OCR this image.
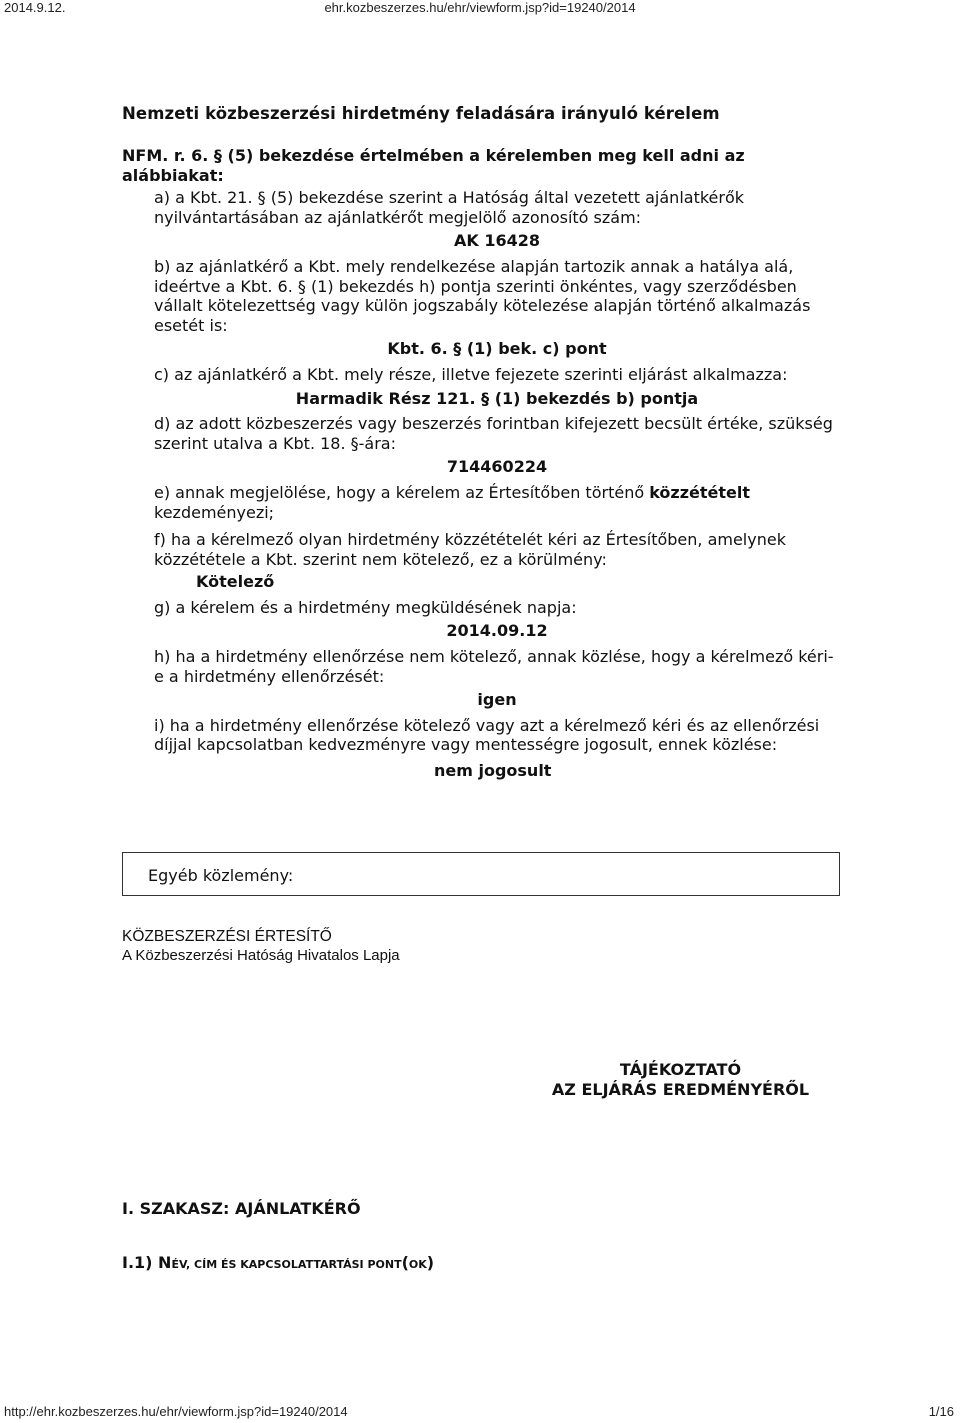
2014.9.12.	ehr.kozbeszerzes.hu/ehr/viewform.jsp?id=19240/2014
Nemzeti közbeszerzési hirdetmény feladására irányuló kérelem
NFM. r. 6. § (5) bekezdése értelmében a kérelemben meg kell adni az alábbiakat:
a) a Kbt. 21. § (5) bekezdése szerint a Hatóság által vezetett ajánlatkérők nyilvántartásában az ajánlatkérőt megjelölő azonosító szám:
AK 16428
b) az ajánlatkérő a Kbt. mely rendelkezése alapján tartozik annak a hatálya alá, ideértve a Kbt. 6. § (1) bekezdés h) pontja szerinti önkéntes, vagy szerződésben vállalt kötelezettség vagy külön jogszabály kötelezése alapján történő alkalmazás esetét is:
Kbt. 6. § (1) bek. c) pont
c) az ajánlatkérő a Kbt. mely része, illetve fejezete szerinti eljárást alkalmazza:
Harmadik Rész 121. § (1) bekezdés b) pontja
d) az adott közbeszerzés vagy beszerzés forintban kifejezett becsült értéke, szükség szerint utalva a Kbt. 18. §-ára:
714460224
e) annak megjelölése, hogy a kérelem az Értesítőben történő közzétételt kezdeményezi;
f) ha a kérelmező olyan hirdetmény közzétételét kéri az Értesítőben, amelynek közzététele a Kbt. szerint nem kötelező, ez a körülmény:
Kötelező
g) a kérelem és a hirdetmény megküldésének napja:
2014.09.12
h) ha a hirdetmény ellenőrzése nem kötelező, annak közlése, hogy a kérelmező kéri-e a hirdetmény ellenőrzését:
igen
i) ha a hirdetmény ellenőrzése kötelező vagy azt a kérelmező kéri és az ellenőrzési díjjal kapcsolatban kedvezményre vagy mentességre jogosult, ennek közlése:
nem jogosult
Egyéb közlemény:
KÖZBESZERZÉSI ÉRTESÍTŐ
A Közbeszerzési Hatóság Hivatalos Lapja
TÁJÉKOZTATÓ
AZ ELJÁRÁS EREDMÉNYÉRŐL
I. SZAKASZ: AJÁNLATKÉRŐ
I.1) NÉV, CÍM ÉS KAPCSOLATTARTÁSI PONT(OK)
http://ehr.kozbeszerzes.hu/ehr/viewform.jsp?id=19240/2014	1/16
